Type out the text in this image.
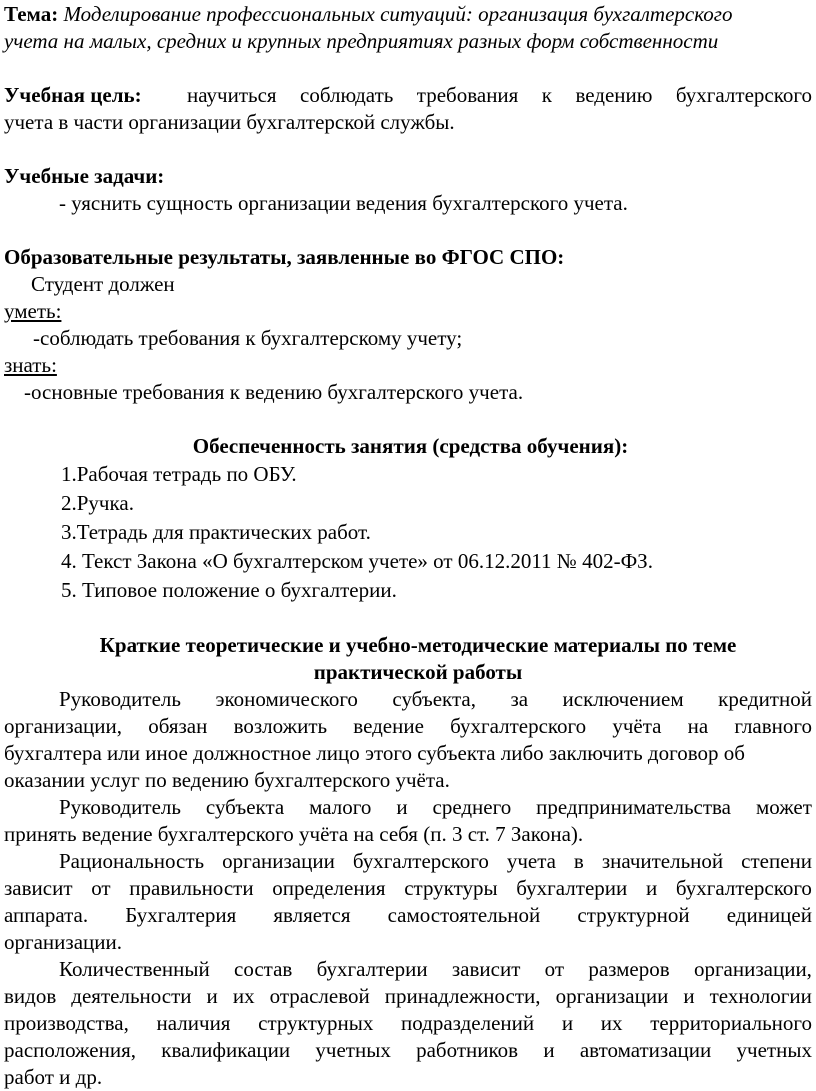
Тема: Моделирование профессиональных ситуаций: организация бухгалтерского
учета на малых, средних и крупных предприятиях разных форм собственности
Учебная цель: научиться соблюдать требования к ведению бухгалтерского
учета в части организации бухгалтерской службы.
Учебные задачи:
- уяснить сущность организации ведения бухгалтерского учета.
Образовательные результаты, заявленные во ФГОС СПО:
Студент должен
уметь:
-соблюдать требования к бухгалтерскому учету;
знать:
-основные требования к ведению бухгалтерского учета.
Обеспеченность занятия (средства обучения):
1.Рабочая тетрадь по ОБУ.
2.Ручка.
3.Тетрадь для практических работ.
4. Текст Закона «О бухгалтерском учете» от 06.12.2011 № 402-ФЗ.
5. Типовое положение о бухгалтерии.
Краткие теоретические и учебно-методические материалы по теме
практической работы
Руководитель экономического субъекта, за исключением кредитной
организации, обязан возложить ведение бухгалтерского учёта на главного
бухгалтера или иное должностное лицо этого субъекта либо заключить договор об
оказании услуг по ведению бухгалтерского учёта.
Руководитель субъекта малого и среднего предпринимательства может
принять ведение бухгалтерского учёта на себя (п. 3 ст. 7 Закона).
Рациональность организации бухгалтерского учета в значительной степени
зависит от правильности определения структуры бухгалтерии и бухгалтерского
аппарата. Бухгалтерия является самостоятельной структурной единицей
организации.
Количественный состав бухгалтерии зависит от размеров организации,
видов деятельности и их отраслевой принадлежности, организации и технологии
производства, наличия структурных подразделений и их территориального
расположения, квалификации учетных работников и автоматизации учетных
работ и др.
